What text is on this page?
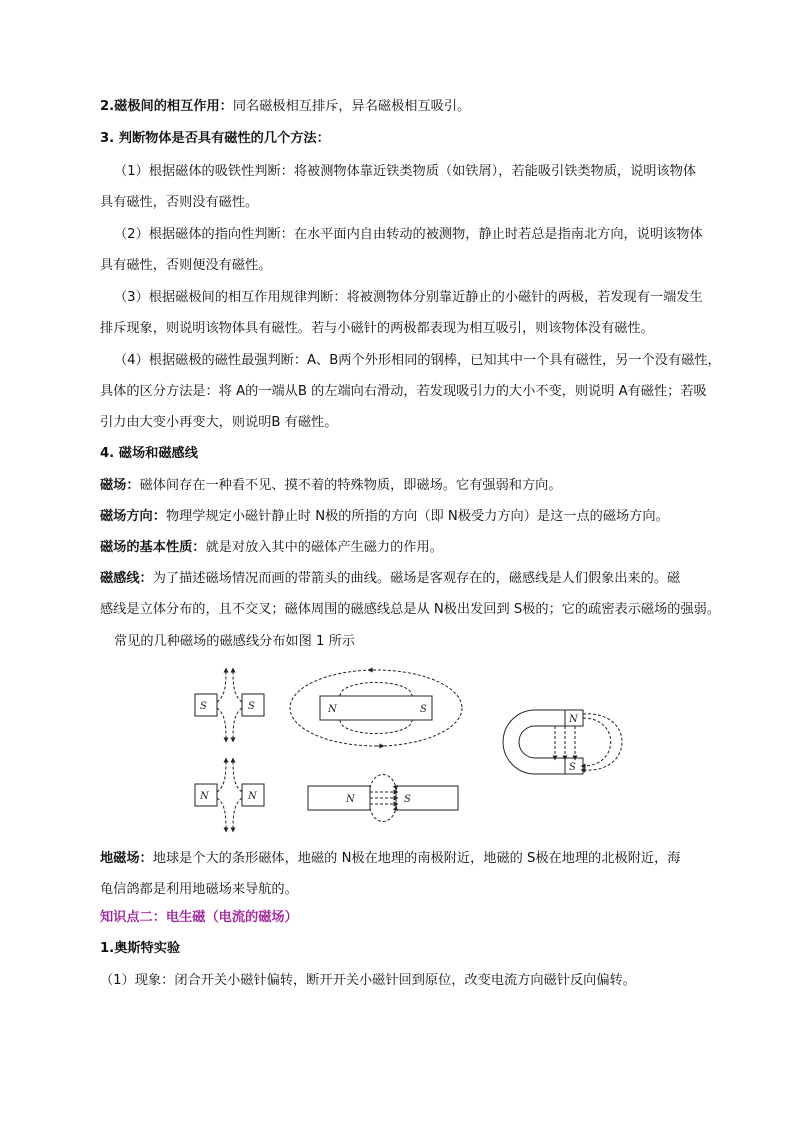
2.磁极间的相互作用：同名磁极相互排斥，异名磁极相互吸引。
3. 判断物体是否具有磁性的几个方法：
（1）根据磁体的吸铁性判断：将被测物体靠近铁类物质（如铁屑），若能吸引铁类物质，说明该物体
具有磁性，否则没有磁性。
（2）根据磁体的指向性判断：在水平面内自由转动的被测物，静止时若总是指南北方向，说明该物体
具有磁性，否则便没有磁性。
（3）根据磁极间的相互作用规律判断：将被测物体分别靠近静止的小磁针的两极，若发现有一端发生
排斥现象，则说明该物体具有磁性。若与小磁针的两极都表现为相互吸引，则该物体没有磁性。
（4）根据磁极的磁性最强判断：A、B两个外形相同的钢棒，已知其中一个具有磁性，另一个没有磁性，
具体的区分方法是：将 A的一端从B 的左端向右滑动，若发现吸引力的大小不变，则说明 A有磁性；若吸
引力由大变小再变大，则说明B 有磁性。
4. 磁场和磁感线
磁场：磁体间存在一种看不见、摸不着的特殊物质，即磁场。它有强弱和方向。
磁场方向：物理学规定小磁针静止时 N极的所指的方向（即 N极受力方向）是这一点的磁场方向。
磁场的基本性质：就是对放入其中的磁体产生磁力的作用。
磁感线：为了描述磁场情况而画的带箭头的曲线。磁场是客观存在的，磁感线是人们假象出来的。磁
感线是立体分布的，且不交叉；磁体周围的磁感线总是从 N极出发回到 S极的；它的疏密表示磁场的强弱。
常见的几种磁场的磁感线分布如图 1 所示
S	S	N	S
N
S
N	N	N	S
地磁场：地球是个大的条形磁体，地磁的 N极在地理的南极附近，地磁的 S极在地理的北极附近，海
龟信鸽都是利用地磁场来导航的。
知识点二：电生磁（电流的磁场）
1.奥斯特实验
（1）现象：闭合开关小磁针偏转，断开开关小磁针回到原位，改变电流方向磁针反向偏转。
